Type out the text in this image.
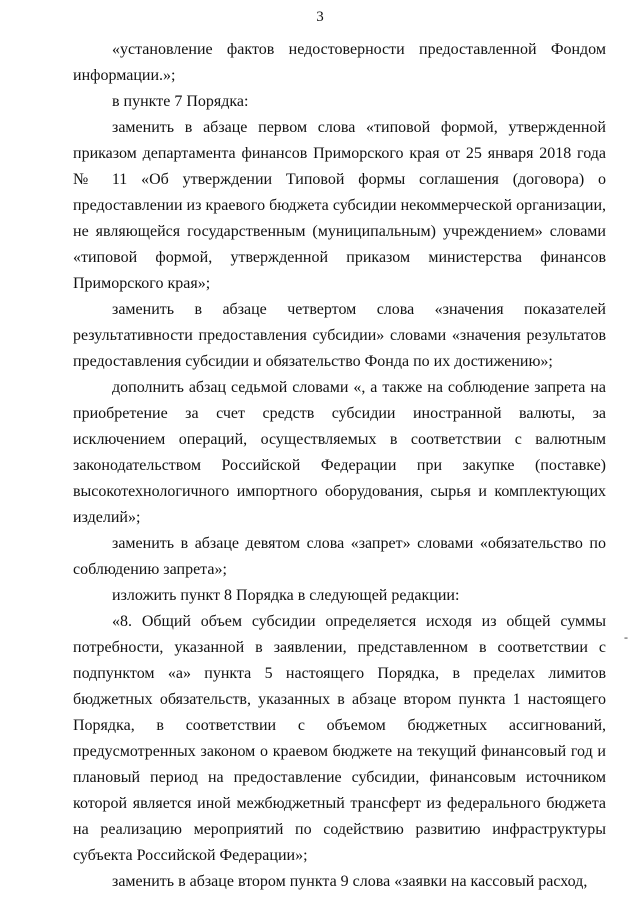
3

«установление фактов недостоверности предоставленной Фондом информации.»;

в пункте 7 Порядка:

заменить в абзаце первом слова «типовой формой, утвержденной приказом департамента финансов Приморского края от 25 января 2018 года № 11 «Об утверждении Типовой формы соглашения (договора) о предоставлении из краевого бюджета субсидии некоммерческой организации, не являющейся государственным (муниципальным) учреждением» словами «типовой формой, утвержденной приказом министерства финансов Приморского края»;

заменить в абзаце четвертом слова «значения показателей результативности предоставления субсидии» словами «значения результатов предоставления субсидии и обязательство Фонда по их достижению»;

дополнить абзац седьмой словами «, а также на соблюдение запрета на приобретение за счет средств субсидии иностранной валюты, за исключением операций, осуществляемых в соответствии с валютным законодательством Российской Федерации при закупке (поставке) высокотехнологичного импортного оборудования, сырья и комплектующих изделий»;

заменить в абзаце девятом слова «запрет» словами «обязательство по соблюдению запрета»;

изложить пункт 8 Порядка в следующей редакции:

«8. Общий объем субсидии определяется исходя из общей суммы потребности, указанной в заявлении, представленном в соответствии с подпунктом «а» пункта 5 настоящего Порядка, в пределах лимитов бюджетных обязательств, указанных в абзаце втором пункта 1 настоящего Порядка, в соответствии с объемом бюджетных ассигнований, предусмотренных законом о краевом бюджете на текущий финансовый год и плановый период на предоставление субсидии, финансовым источником которой является иной межбюджетный трансферт из федерального бюджета на реализацию мероприятий по содействию развитию инфраструктуры субъекта Российской Федерации»;

заменить в абзаце втором пункта 9 слова «заявки на кассовый расход,

-
